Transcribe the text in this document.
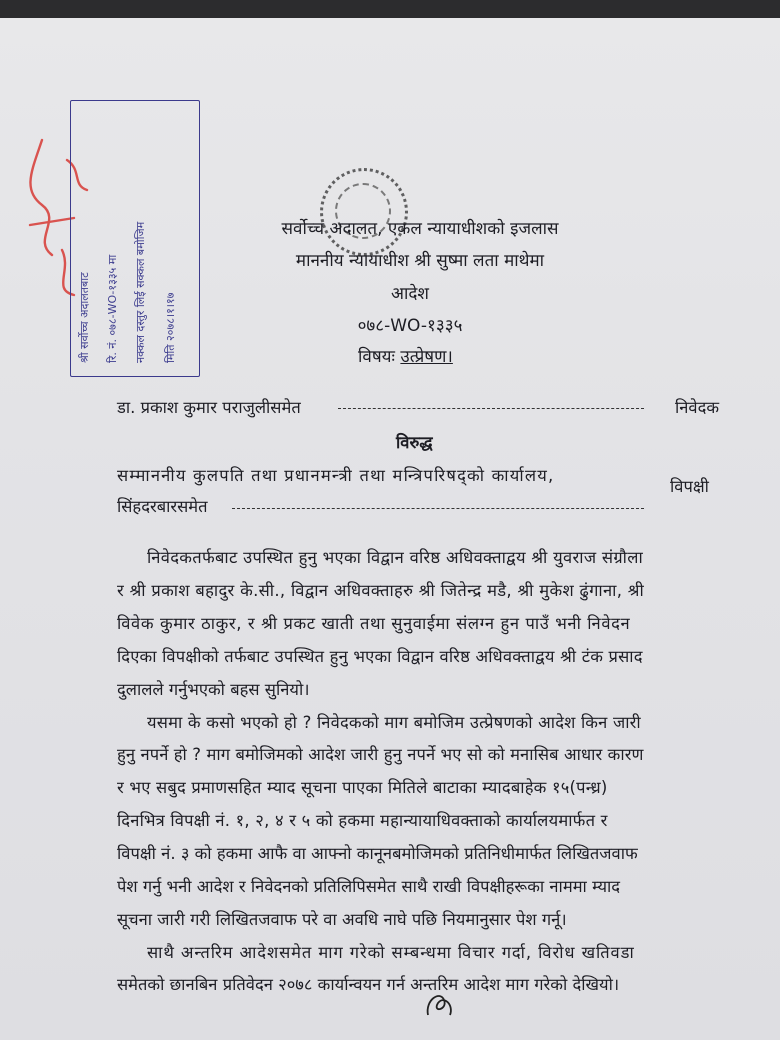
श्री सर्वोच्च अदालतबाट रि. नं. ०७८-WO-१३३५ मा नक्कल दस्तुर लिई सक्कल बमोजिम मिति २०७८।१।१७
सर्वोच्च अदालत, एकल न्यायाधीशको इजलास
माननीय न्यायाधीश श्री सुष्मा लता माथेमा
आदेश
०७८-WO-१३३५
विषयः उत्प्रेषण।
डा. प्रकाश कुमार पराजुलीसमेत	निवेदक
विरुद्ध
सम्माननीय कुलपति तथा प्रधानमन्त्री तथा मन्त्रिपरिषद्को कार्यालय,
विपक्षी
सिंहदरबारसमेत
निवेदकतर्फबाट उपस्थित हुनु भएका विद्वान वरिष्ठ अधिवक्ताद्वय श्री युवराज संग्रौला
र श्री प्रकाश बहादुर के.सी., विद्वान अधिवक्ताहरु श्री जितेन्द्र मडै, श्री मुकेश ढुंगाना, श्री
विवेक कुमार ठाकुर, र श्री प्रकट खाती तथा सुनुवाईमा संलग्न हुन पाउँ भनी निवेदन
दिएका विपक्षीको तर्फबाट उपस्थित हुनु भएका विद्वान वरिष्ठ अधिवक्ताद्वय श्री टंक प्रसाद
दुलालले गर्नुभएको बहस सुनियो।
यसमा के कसो भएको हो ? निवेदकको माग बमोजिम उत्प्रेषणको आदेश किन जारी
हुनु नपर्ने हो ? माग बमोजिमको आदेश जारी हुनु नपर्ने भए सो को मनासिब आधार कारण
र भए सबुद प्रमाणसहित म्याद सूचना पाएका मितिले बाटाका म्यादबाहेक १५(पन्ध्र)
दिनभित्र विपक्षी नं. १, २, ४ र ५ को हकमा महान्यायाधिवक्ताको कार्यालयमार्फत र
विपक्षी नं. ३ को हकमा आफै वा आफ्नो कानूनबमोजिमको प्रतिनिधीमार्फत लिखितजवाफ
पेश गर्नु भनी आदेश र निवेदनको प्रतिलिपिसमेत साथै राखी विपक्षीहरूका नाममा म्याद
सूचना जारी गरी लिखितजवाफ परे वा अवधि नाघे पछि नियमानुसार पेश गर्नू।
साथै अन्तरिम आदेशसमेत माग गरेको सम्बन्धमा विचार गर्दा, विरोध खतिवडा
समेतको छानबिन प्रतिवेदन २०७८ कार्यान्वयन गर्न अन्तरिम आदेश माग गरेको देखियो।
